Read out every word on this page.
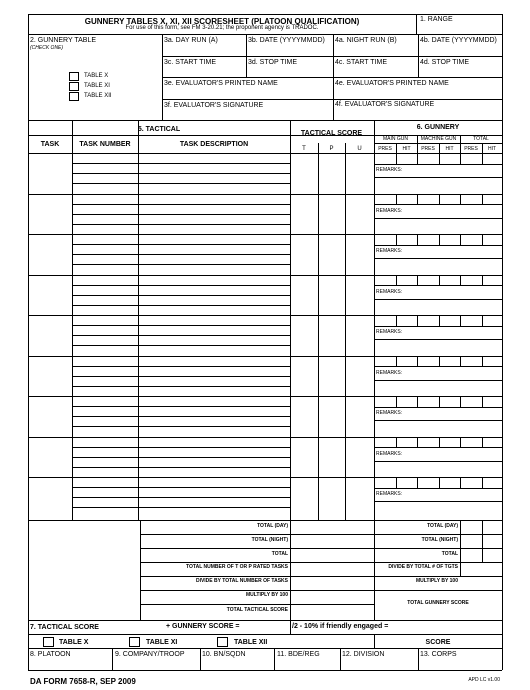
GUNNERY TABLES X, XI, XII SCORESHEET (PLATOON QUALIFICATION)
For use of this form, see FM 3-20.21; the proponent agency is TRADOC.
1. RANGE
2. GUNNERY TABLE
(CHECK ONE)
TABLE X
TABLE XI
TABLE XII
3a. DAY RUN (A)	3b. DATE (YYYYMMDD) 4a. NIGHT RUN (B)	4b. DATE (YYYYMMDD)
3c. START TIME	3d. STOP TIME	4c. START TIME	4d. STOP TIME
3e. EVALUATOR'S PRINTED NAME	4e. EVALUATOR'S PRINTED NAME
3f. EVALUATOR'S SIGNATURE	4f. EVALUATOR'S SIGNATURE
5. TACTICAL
TACTICAL SCORE
6. GUNNERY
TASK	TASK NUMBER	TASK DESCRIPTION
T	P	U
MAIN GUN	MACHINE GUN	TOTAL
PRES	HIT	PRES	HIT	PRES	HIT
REMARKS:
REMARKS:
REMARKS:
REMARKS:
REMARKS:
REMARKS:
REMARKS:
REMARKS:
REMARKS:
TOTAL (DAY)
TOTAL (NIGHT)
TOTAL
TOTAL NUMBER OF T OR P RATED TASKS
DIVIDE BY TOTAL NUMBER OF TASKS
MULTIPLY BY 100
TOTAL TACTICAL SCORE
TOTAL (DAY)
TOTAL (NIGHT)
TOTAL
DIVIDE BY TOTAL # OF TGTS
MULTIPLY BY 100
TOTAL GUNNERY SCORE
7. TACTICAL SCORE	+ GUNNERY SCORE =	/2 - 10% if friendly engaged =
TABLE X	TABLE XI	TABLE XII	SCORE
8. PLATOON	9. COMPANY/TROOP	10. BN/SQDN	11. BDE/REG	12. DIVISION	13. CORPS
DA FORM 7658-R, SEP 2009	APD LC v1.00
